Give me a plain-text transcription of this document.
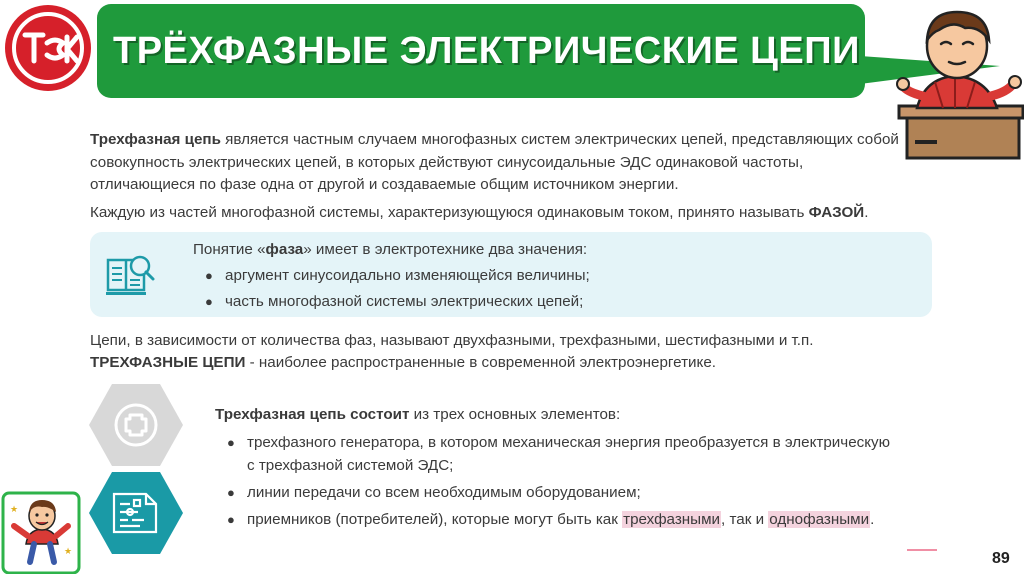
ТСК
ТРЁХФАЗНЫЕ ЭЛЕКТРИЧЕСКИЕ ЦЕПИ

Трехфазная цепь является частным случаем многофазных систем электрических цепей, представляющих собой совокупность электрических цепей, в которых действуют синусоидальные ЭДС одинаковой частоты, отличающиеся по фазе одна от другой и создаваемые общим источником энергии.

Каждую из частей многофазной системы, характеризующуюся одинаковым током, принято называть ФАЗОЙ.

Понятие «фаза» имеет в электротехнике два значения:

● аргумент синусоидально изменяющейся величины;
● часть многофазной системы электрических цепей;

Цепи, в зависимости от количества фаз, называют двухфазными, трехфазными, шестифазными и т.п.

ТРЕХФАЗНЫЕ ЦЕПИ - наиболее распространенные в современной электроэнергетике.

Трехфазная цепь состоит из трех основных элементов:

● трехфазного генератора, в котором механическая энергия преобразуется в электрическую
с трехфазной системой ЭДС;
● линии передачи со всем необходимым оборудованием;
● приемников (потребителей), которые могут быть как трехфазными, так и однофазными.
★
★	89
